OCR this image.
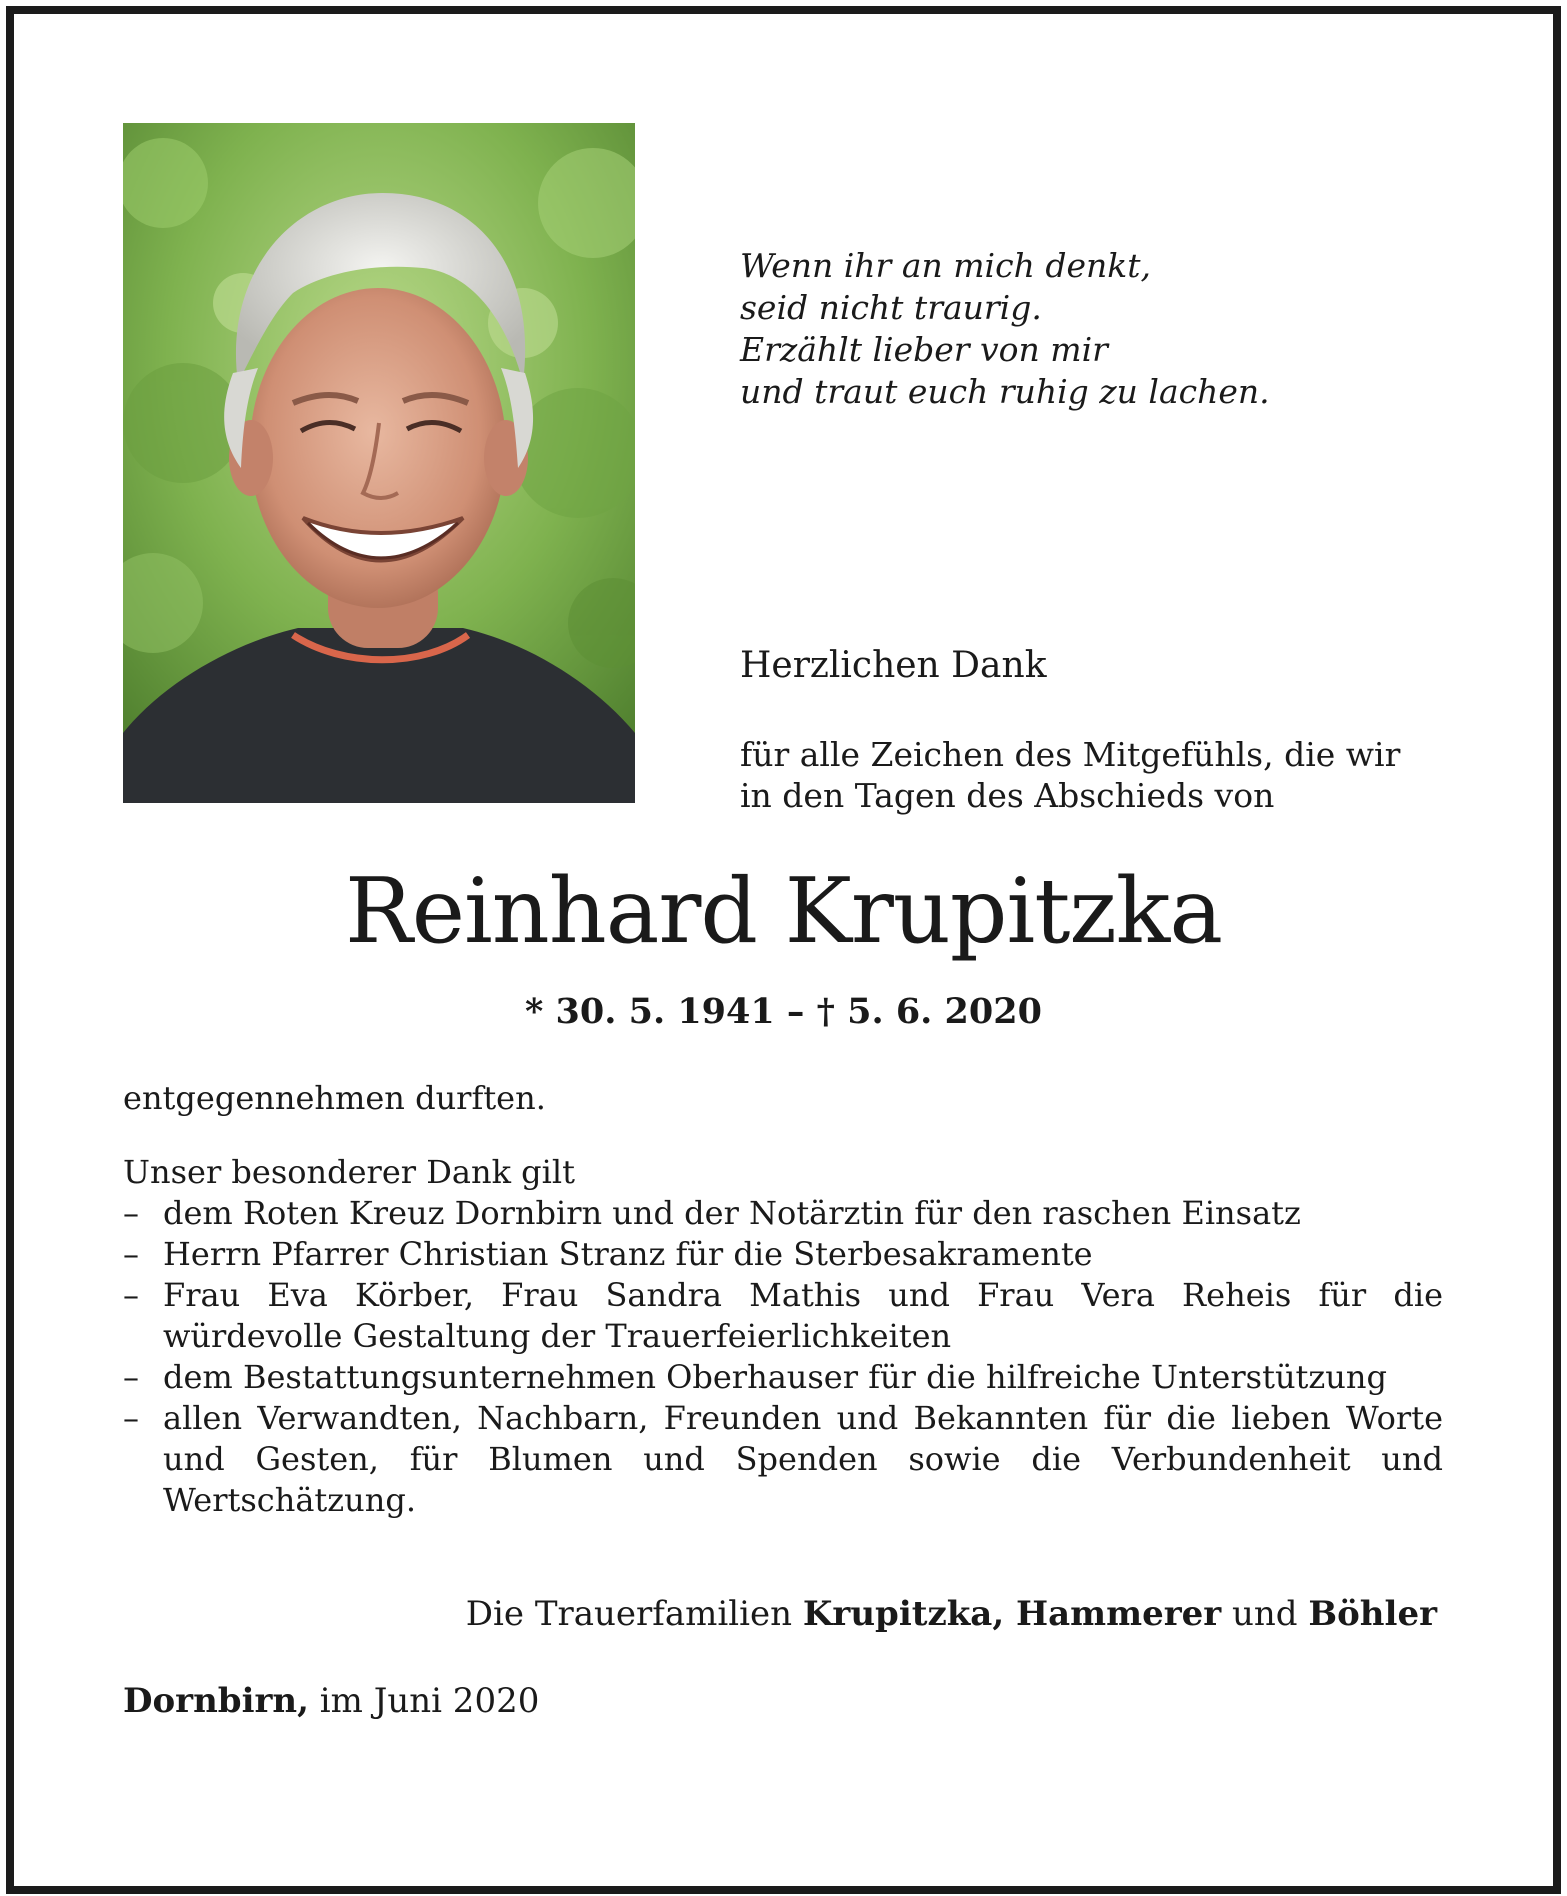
Wenn ihr an mich denkt,
seid nicht traurig.
Erzählt lieber von mir
und traut euch ruhig zu lachen.
Herzlichen Dank
für alle Zeichen des Mitgefühls, die wir
in den Tagen des Abschieds von
Reinhard Krupitzka
* 30. 5. 1941 – † 5. 6. 2020
entgegennehmen durften.
Unser besonderer Dank gilt
– dem Roten Kreuz Dornbirn und der Notärztin für den raschen Einsatz
– Herrn Pfarrer Christian Stranz für die Sterbesakramente
– Frau Eva Körber, Frau Sandra Mathis und Frau Vera Reheis für die würdevolle Gestaltung der Trauerfeierlichkeiten
– dem Bestattungsunternehmen Oberhauser für die hilfreiche Unterstützung
– allen Verwandten, Nachbarn, Freunden und Bekannten für die lieben Worte und Gesten, für Blumen und Spenden sowie die Verbundenheit und Wertschätzung.
Die Trauerfamilien Krupitzka, Hammerer und Böhler
Dornbirn, im Juni 2020
